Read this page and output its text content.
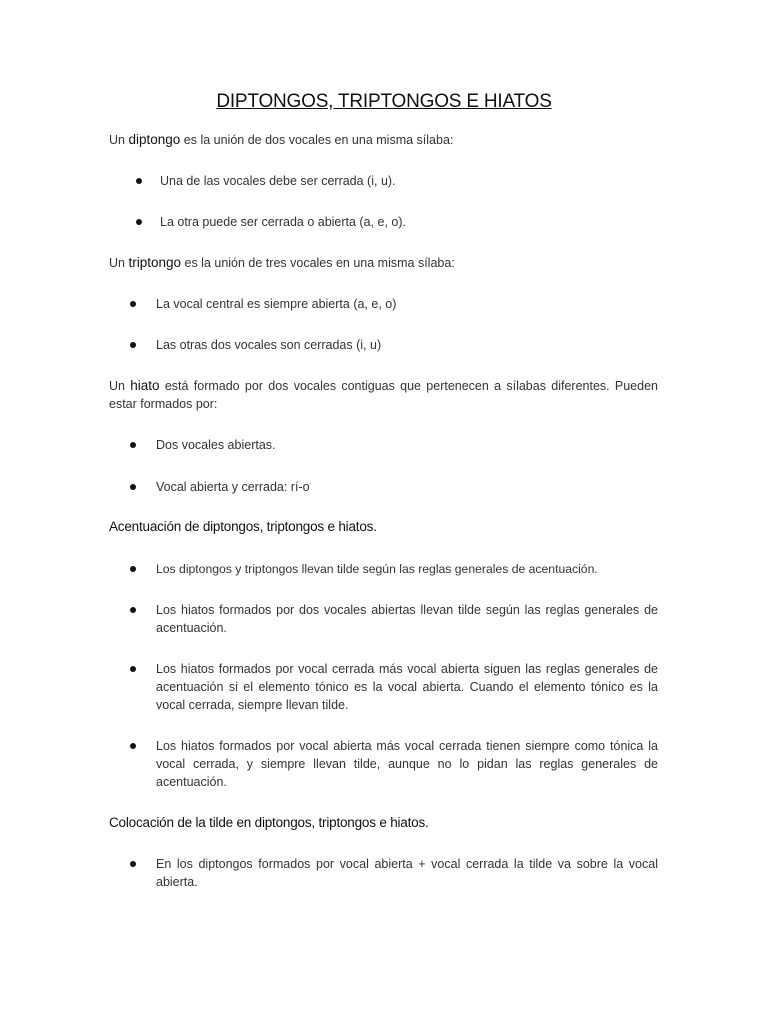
DIPTONGOS, TRIPTONGOS E HIATOS
Un diptongo es la unión de dos vocales en una misma sílaba:
Una de las vocales debe ser cerrada (i, u).
La otra puede ser cerrada o abierta (a, e, o).
Un triptongo es la unión de tres vocales en una misma sílaba:
La vocal central es siempre abierta (a, e, o)
Las otras dos vocales son cerradas (i, u)
Un hiato está formado por dos vocales contiguas que pertenecen a sílabas diferentes. Pueden estar formados por:
Dos vocales abiertas.
Vocal abierta y cerrada: rí-o
Acentuación de diptongos, triptongos e hiatos.
Los diptongos y triptongos llevan tilde según las reglas generales de acentuación.
Los hiatos formados por dos vocales abiertas llevan tilde según las reglas generales de acentuación.
Los hiatos formados por vocal cerrada más vocal abierta siguen las reglas generales de acentuación si el elemento tónico es la vocal abierta. Cuando el elemento tónico es la vocal cerrada, siempre llevan tilde.
Los hiatos formados por vocal abierta más vocal cerrada tienen siempre como tónica la vocal cerrada, y siempre llevan tilde, aunque no lo pidan las reglas generales de acentuación.
Colocación de la tilde en diptongos, triptongos e hiatos.
En los diptongos formados por vocal abierta + vocal cerrada la tilde va sobre la vocal abierta.
